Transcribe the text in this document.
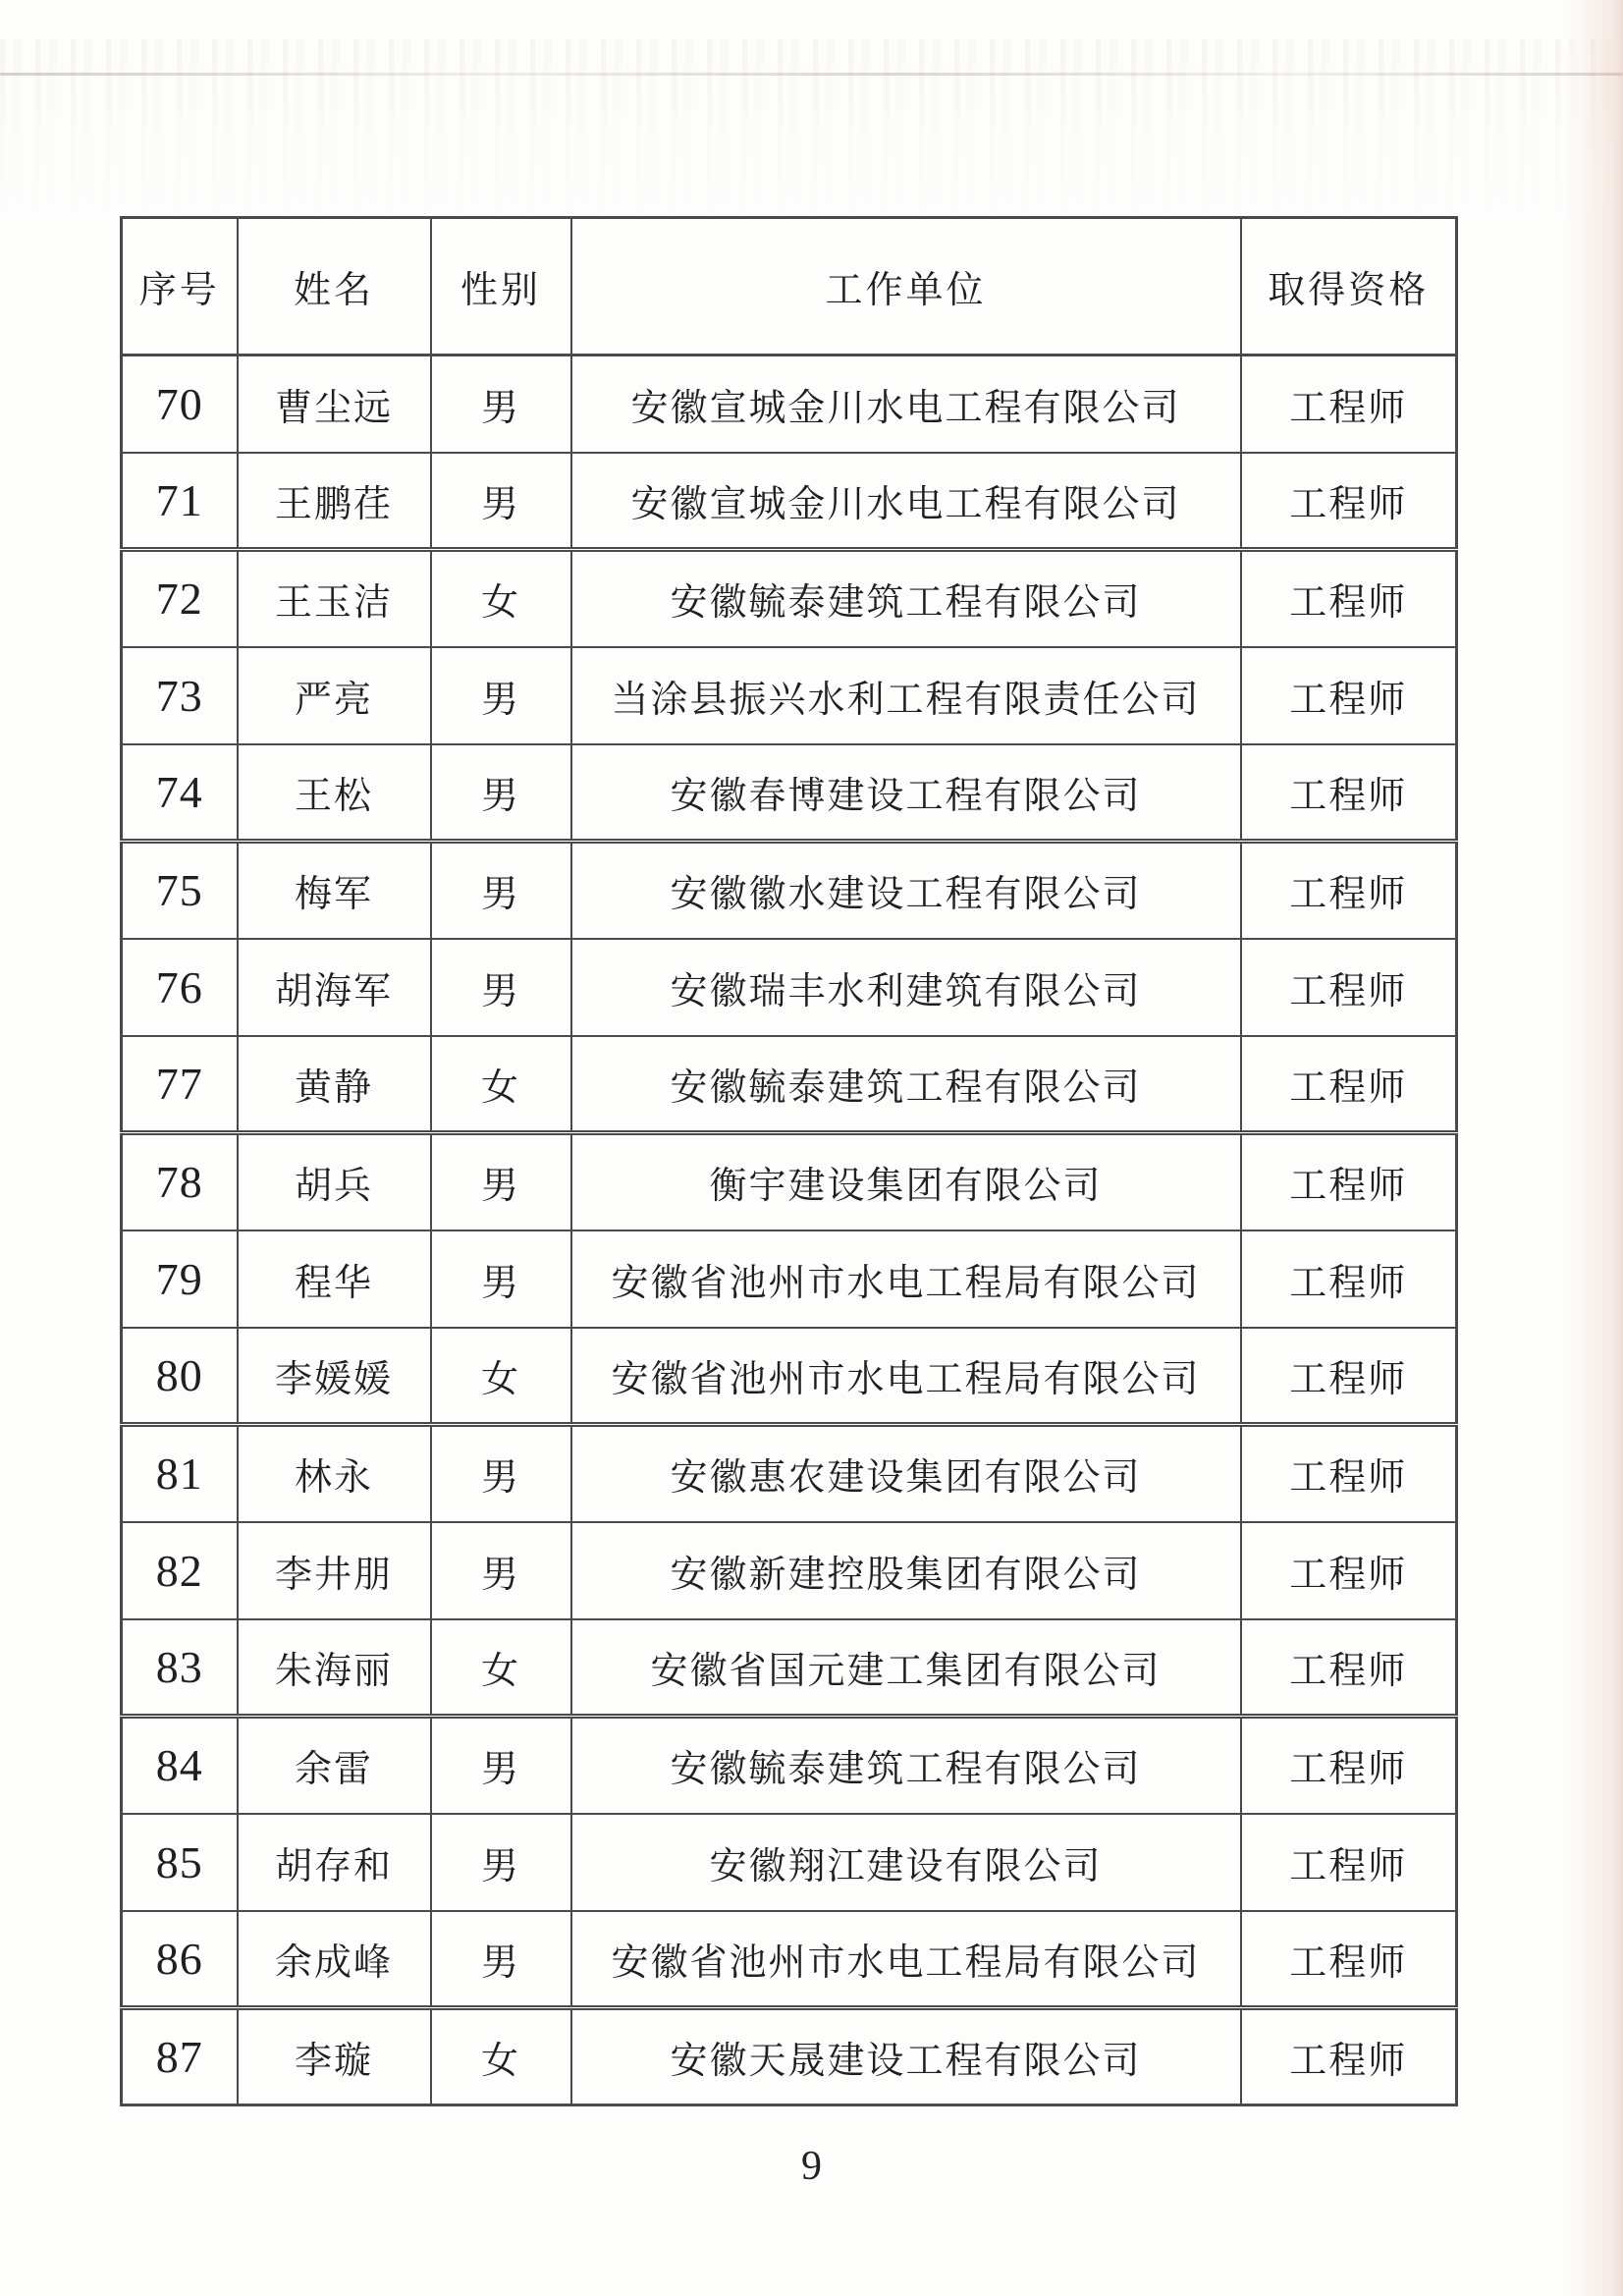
序号	姓名	性别	工作单位	取得资格
70	曹尘远	男	安徽宣城金川水电工程有限公司	工程师
71	王鹏荏	男	安徽宣城金川水电工程有限公司	工程师
72	王玉洁	女	安徽毓泰建筑工程有限公司	工程师
73	严亮	男	当涂县振兴水利工程有限责任公司	工程师
74	王松	男	安徽春博建设工程有限公司	工程师
75	梅军	男	安徽徽水建设工程有限公司	工程师
76	胡海军	男	安徽瑞丰水利建筑有限公司	工程师
77	黄静	女	安徽毓泰建筑工程有限公司	工程师
78	胡兵	男	衡宇建设集团有限公司	工程师
79	程华	男	安徽省池州市水电工程局有限公司	工程师
80	李媛媛	女	安徽省池州市水电工程局有限公司	工程师
81	林永	男	安徽惠农建设集团有限公司	工程师
82	李井朋	男	安徽新建控股集团有限公司	工程师
83	朱海丽	女	安徽省国元建工集团有限公司	工程师
84	余雷	男	安徽毓泰建筑工程有限公司	工程师
85	胡存和	男	安徽翔江建设有限公司	工程师
86	余成峰	男	安徽省池州市水电工程局有限公司	工程师
87	李璇	女	安徽天晟建设工程有限公司	工程师
9
